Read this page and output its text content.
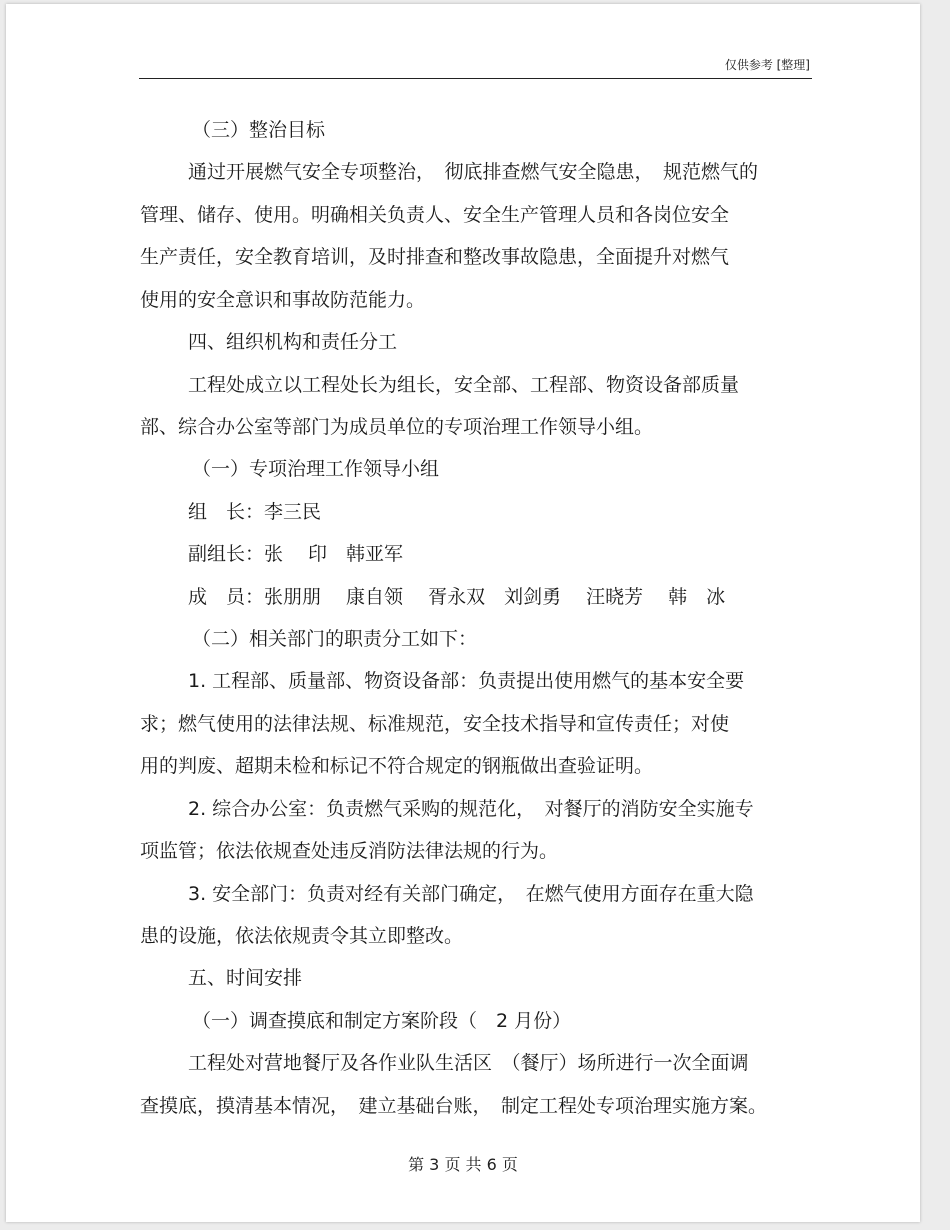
仅供参考 [整理]
（三）整治目标
通过开展燃气安全专项整治，　彻底排查燃气安全隐患，　规范燃气的
管理、储存、使用。明确相关负责人、安全生产管理人员和各岗位安全
生产责任，安全教育培训，及时排查和整改事故隐患，全面提升对燃气
使用的安全意识和事故防范能力。
四、组织机构和责任分工
工程处成立以工程处长为组长，安全部、工程部、物资设备部质量
部、综合办公室等部门为成员单位的专项治理工作领导小组。
（一）专项治理工作领导小组
组　长：李三民
副组长：张　 印　韩亚军
成　员：张朋朋　 康自领　 胥永双　刘剑勇　 汪晓芳　 韩　冰
（二）相关部门的职责分工如下：
1. 工程部、质量部、物资设备部：负责提出使用燃气的基本安全要
求；燃气使用的法律法规、标准规范，安全技术指导和宣传责任；对使
用的判废、超期未检和标记不符合规定的钢瓶做出查验证明。
2. 综合办公室：负责燃气采购的规范化，　对餐厅的消防安全实施专
项监管；依法依规查处违反消防法律法规的行为。
3. 安全部门：负责对经有关部门确定，　在燃气使用方面存在重大隐
患的设施，依法依规责令其立即整改。
五、时间安排
（一）调查摸底和制定方案阶段（　2 月份）
工程处对营地餐厅及各作业队生活区　（餐厅）场所进行一次全面调
查摸底，摸清基本情况，　建立基础台账，　制定工程处专项治理实施方案。
第 3 页 共 6 页
